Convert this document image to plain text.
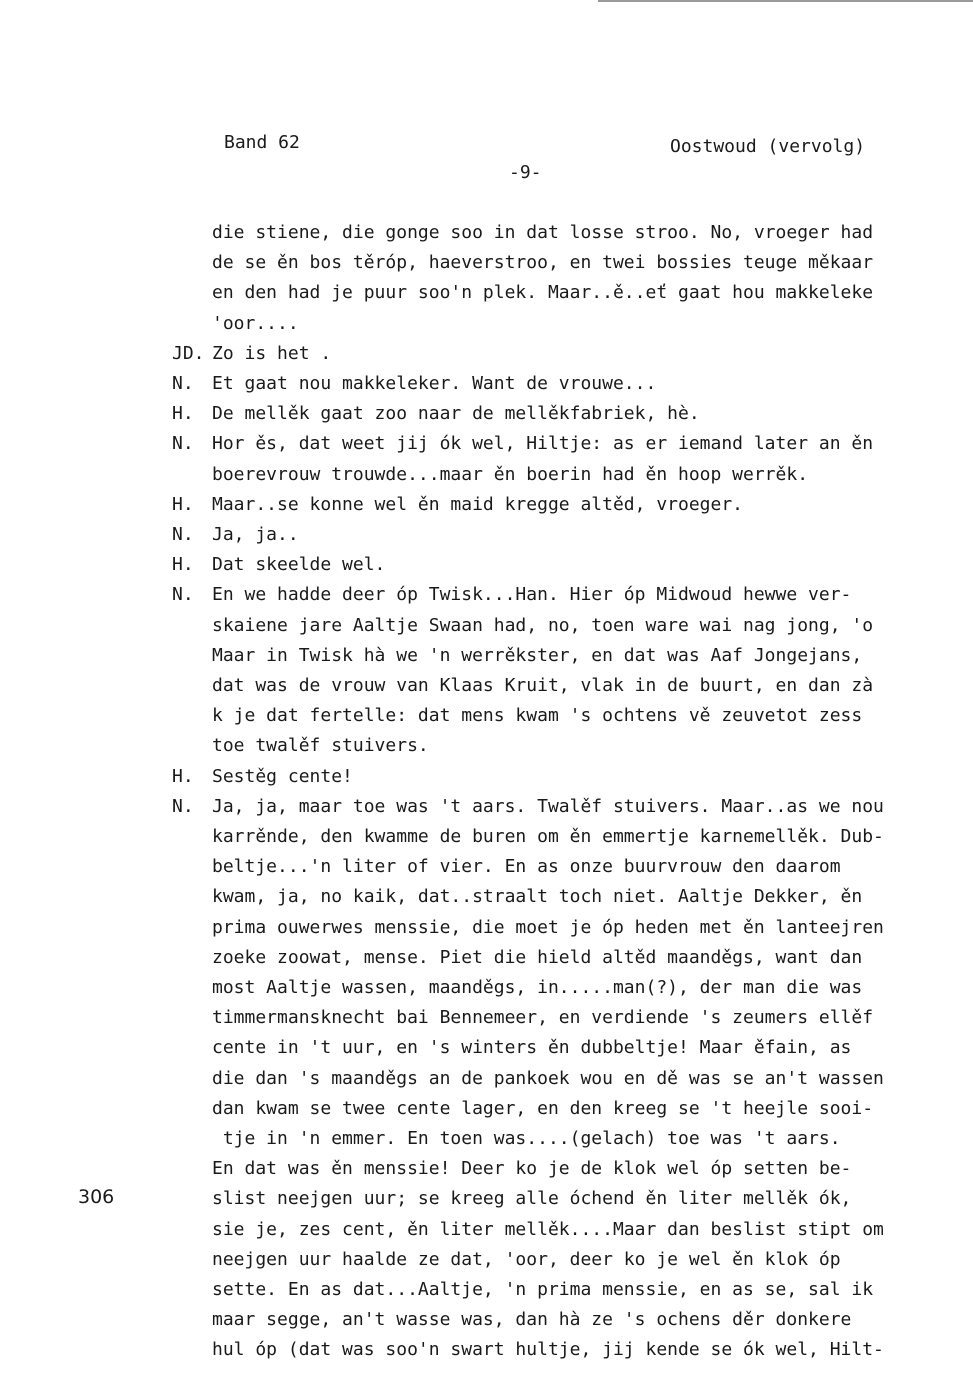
Band 62	Oostwoud (vervolg)
-9-
306
die stiene, die gonge soo in dat losse stroo. No, vroeger had
de se ěn bos těróp, haeverstroo, en twei bossies teuge měkaar
en den had je puur soo'n plek. Maar..ě..eť gaat hou makkeleke
'oor....
JD. Zo is het .
N.	Et gaat nou makkeleker. Want de vrouwe...
H.	De mellěk gaat zoo naar de mellěkfabriek, hè.
N.	Hor ěs, dat weet jij ók wel, Hiltje: as er iemand later an ěn
boerevrouw trouwde...maar ěn boerin had ěn hoop werrěk.
H.	Maar..se konne wel ěn maid kregge altěd, vroeger.
N.	Ja, ja..
H.	Dat skeelde wel.
N.	En we hadde deer óp Twisk...Han. Hier óp Midwoud hewwe ver-
skaiene jare Aaltje Swaan had, no, toen ware wai nag jong, 'o
Maar in Twisk hà we 'n werrěkster, en dat was Aaf Jongejans,
dat was de vrouw van Klaas Kruit, vlak in de buurt, en dan zà
k je dat fertelle: dat mens kwam 's ochtens vě zeuvetot zess
toe twalěf stuivers.
H.	Sestěg cente!
N.	Ja, ja, maar toe was 't aars. Twalěf stuivers. Maar..as we nou
karrěnde, den kwamme de buren om ěn emmertje karnemellěk. Dub-
beltje...'n liter of vier. En as onze buurvrouw den daarom
kwam, ja, no kaik, dat..straalt toch niet. Aaltje Dekker, ěn
prima ouwerwes menssie, die moet je óp heden met ěn lanteejren
zoeke zoowat, mense. Piet die hield altěd maanděgs, want dan
most Aaltje wassen, maanděgs, in.....man(?), der man die was
timmermansknecht bai Bennemeer, en verdiende 's zeumers ellěf
cente in 't uur, en 's winters ěn dubbeltje! Maar ěfain, as
die dan 's maanděgs an de pankoek wou en dě was se an't wassen
dan kwam se twee cente lager, en den kreeg se 't heejle sooi-
tje in 'n emmer. En toen was....(gelach) toe was 't aars.
En dat was ěn menssie! Deer ko je de klok wel óp setten be-
slist neejgen uur; se kreeg alle óchend ěn liter mellěk ók,
sie je, zes cent, ěn liter mellěk....Maar dan beslist stipt om
neejgen uur haalde ze dat, 'oor, deer ko je wel ěn klok óp
sette. En as dat...Aaltje, 'n prima menssie, en as se, sal ik
maar segge, an't wasse was, dan hà ze 's ochens děr donkere
hul óp (dat was soo'n swart hultje, jij kende se ók wel, Hilt-
